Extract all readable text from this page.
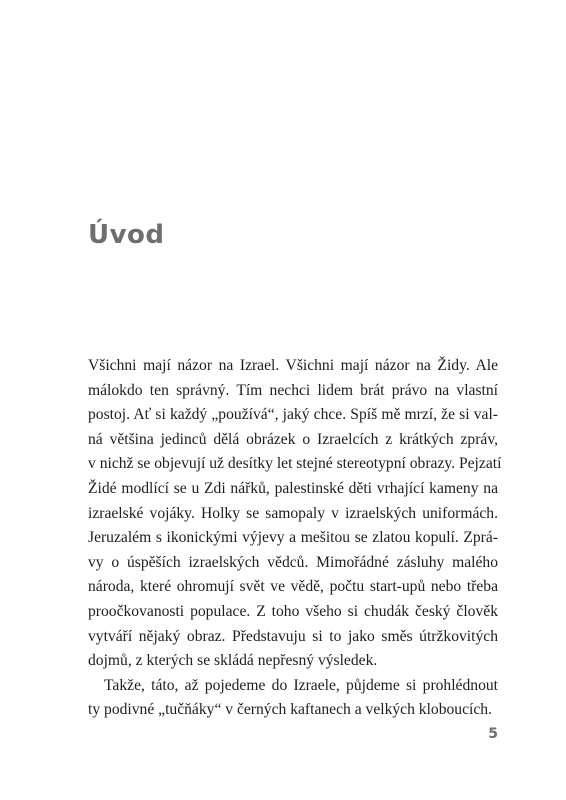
Úvod
Všichni mají názor na Izrael. Všichni mají názor na Židy. Ale
málokdo ten správný. Tím nechci lidem brát právo na vlastní
postoj. Ať si každý „používá“, jaký chce. Spíš mě mrzí, že si val-
ná většina jedinců dělá obrázek o Izraelcích z krátkých zpráv,
v nichž se objevují už desítky let stejné stereotypní obrazy. Pejzatí
Židé modlící se u Zdi nářků, palestinské děti vrhající kameny na
izraelské vojáky. Holky se samopaly v izraelských uniformách.
Jeruzalém s ikonickými výjevy a mešitou se zlatou kopulí. Zprá-
vy o úspěších izraelských vědců. Mimořádné zásluhy malého
národa, které ohromují svět ve vědě, počtu start-upů nebo třeba
proočkovanosti populace. Z toho všeho si chudák český člověk
vytváří nějaký obraz. Představuju si to jako směs útržkovitých
dojmů, z kterých se skládá nepřesný výsledek.
Takže, táto, až pojedeme do Izraele, půjdeme si prohlédnout
ty podivné „tučňáky“ v černých kaftanech a velkých kloboucích.
5
